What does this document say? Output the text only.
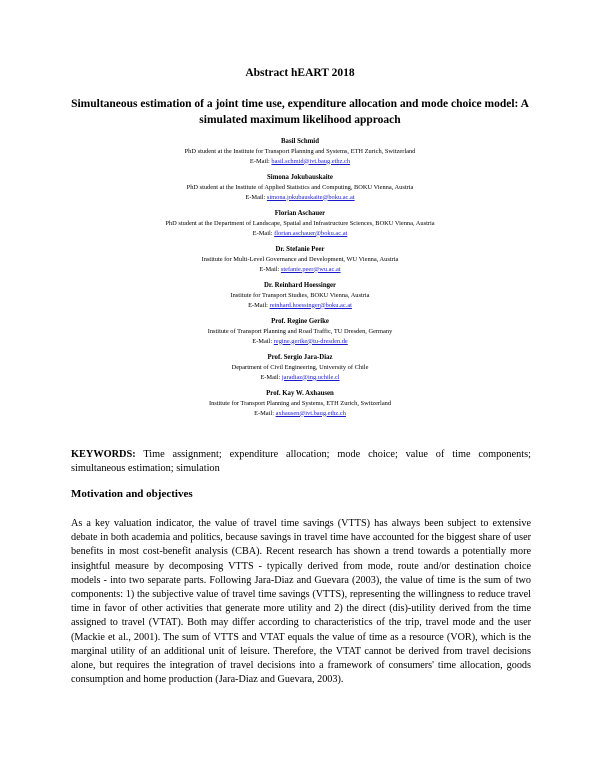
Abstract hEART 2018
Simultaneous estimation of a joint time use, expenditure allocation and mode choice model: A simulated maximum likelihood approach
Basil Schmid
PhD student at the Institute for Transport Planning and Systems, ETH Zurich, Switzerland
E-Mail: basil.schmid@ivt.baug.ethz.ch
Simona Jokubauskaite
PhD student at the Institute of Applied Statistics and Computing, BOKU Vienna, Austria
E-Mail: simona.jokubauskaite@boku.ac.at
Florian Aschauer
PhD student at the Department of Landscape, Spatial and Infrastructure Sciences, BOKU Vienna, Austria
E-Mail: florian.aschauer@boku.ac.at
Dr. Stefanie Peer
Institute for Multi-Level Governance and Development, WU Vienna, Austria
E-Mail: stefanie.peer@wu.ac.at
Dr. Reinhard Hoessinger
Institute for Transport Studies, BOKU Vienna, Austria
E-Mail: reinhard.hoessinger@boku.ac.at
Prof. Regine Gerike
Institute of Transport Planning and Road Traffic, TU Dresden, Germany
E-Mail: regine.gerike@tu-dresden.de
Prof. Sergio Jara-Diaz
Department of Civil Engineering, University of Chile
E-Mail: jaradiaz@ing.uchile.cl
Prof. Kay W. Axhausen
Institute for Transport Planning and Systems, ETH Zurich, Switzerland
E-Mail: axhausen@ivt.baug.ethz.ch
KEYWORDS: Time assignment; expenditure allocation; mode choice; value of time components; simultaneous estimation; simulation
Motivation and objectives
As a key valuation indicator, the value of travel time savings (VTTS) has always been subject to extensive debate in both academia and politics, because savings in travel time have accounted for the biggest share of user benefits in most cost-benefit analysis (CBA). Recent research has shown a trend towards a potentially more insightful measure by decomposing VTTS - typically derived from mode, route and/or destination choice models - into two separate parts. Following Jara-Diaz and Guevara (2003), the value of time is the sum of two components: 1) the subjective value of travel time savings (VTTS), representing the willingness to reduce travel time in favor of other activities that generate more utility and 2) the direct (dis)-utility derived from the time assigned to travel (VTAT). Both may differ according to characteristics of the trip, travel mode and the user (Mackie et al., 2001). The sum of VTTS and VTAT equals the value of time as a resource (VOR), which is the marginal utility of an additional unit of leisure. Therefore, the VTAT cannot be derived from travel decisions alone, but requires the integration of travel decisions into a framework of consumers' time allocation, goods consumption and home production (Jara-Diaz and Guevara, 2003).
